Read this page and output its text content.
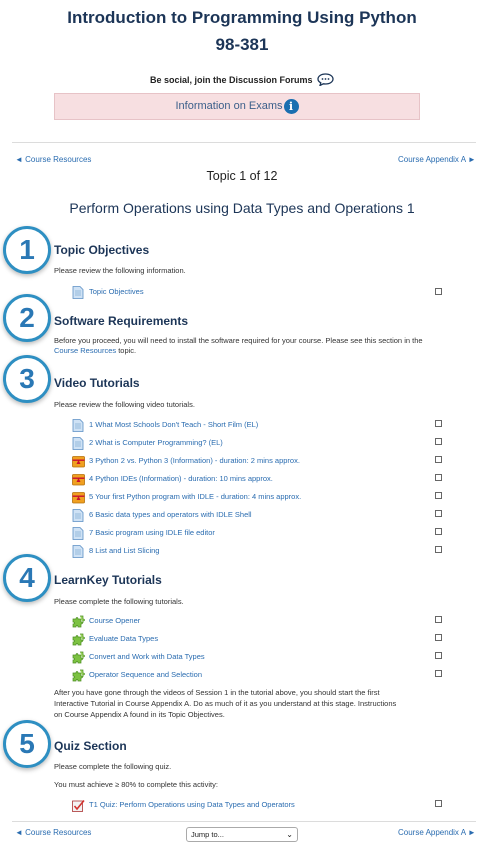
Introduction to Programming Using Python
98-381
Be social, join the Discussion Forums
Information on Exams i
◄ Course Resources	Course Appendix A ►
Topic 1 of 12
Perform Operations using Data Types and Operations 1
1	Topic Objectives
Please review the following information.
Topic Objectives
2	Software Requirements
Before you proceed, you will need to install the software required for your course. Please see this section in the Course Resources topic.
3	Video Tutorials
Please review the following video tutorials.
1 What Most Schools Don't Teach - Short Film (EL)
2 What is Computer Programming? (EL)
3 Python 2 vs. Python 3 (Information) - duration: 2 mins approx.
4 Python IDEs (Information) - duration: 10 mins approx.
5 Your first Python program with IDLE - duration: 4 mins approx.
6 Basic data types and operators with IDLE Shell
7 Basic program using IDLE file editor
8 List and List Slicing
4	LearnKey Tutorials
Please complete the following tutorials.
Course Opener
Evaluate Data Types
Convert and Work with Data Types
Operator Sequence and Selection
After you have gone through the videos of Session 1 in the tutorial above, you should start the first
Interactive Tutorial in Course Appendix A. Do as much of it as you understand at this stage. Instructions
on Course Appendix A found in its Topic Objectives.
5	Quiz Section
Please complete the following quiz.
You must achieve ≥ 80% to complete this activity:
T1 Quiz: Perform Operations using Data Types and Operators
◄ Course Resources	Jump to...	⌄	Course Appendix A ►
